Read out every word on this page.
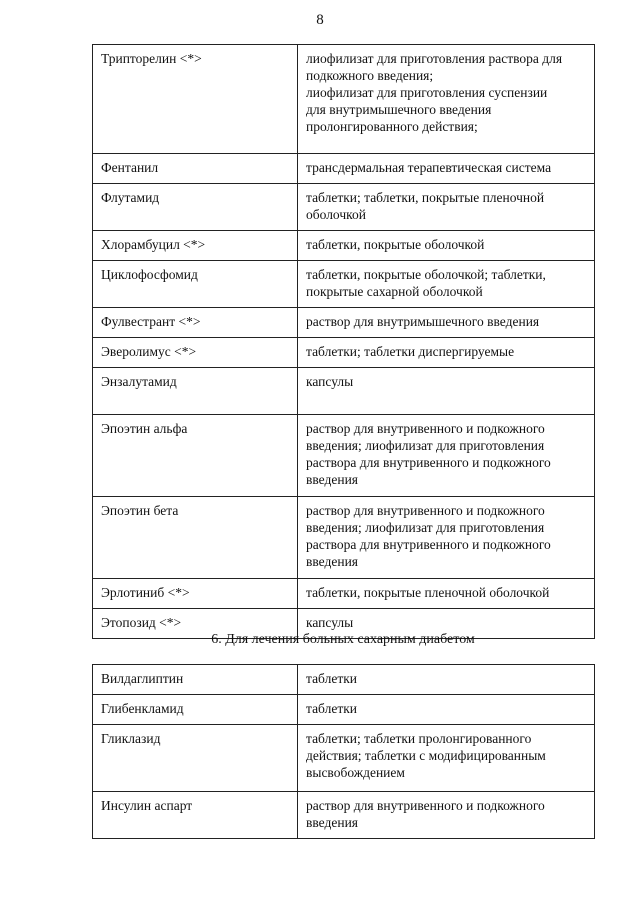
8
Трипторелин <*>	лиофилизат для приготовления раствора для
подкожного введения;
лиофилизат для приготовления суспензии
для внутримышечного введения
пролонгированного действия;

Фентанил	трансдермальная терапевтическая система

Флутамид	таблетки; таблетки, покрытые пленочной
оболочкой

Хлорамбуцил <*>	таблетки, покрытые оболочкой

Циклофосфомид	таблетки, покрытые оболочкой; таблетки,
покрытые сахарной оболочкой

Фулвестрант <*>	раствор для внутримышечного введения

Эверолимус <*>	таблетки; таблетки диспергируемые

Энзалутамид	капсулы

Эпоэтин альфа	раствор для внутривенного и подкожного
введения; лиофилизат для приготовления
раствора для внутривенного и подкожного
введения

Эпоэтин бета	раствор для внутривенного и подкожного
введения; лиофилизат для приготовления
раствора для внутривенного и подкожного
введения

Эрлотиниб <*>	таблетки, покрытые пленочной оболочкой

Этопозид <*>	капсулы
6. Для лечения больных сахарным диабетом
Вилдаглиптин	таблетки

Глибенкламид	таблетки

Гликлазид	таблетки; таблетки пролонгированного
действия; таблетки с модифицированным
высвобождением

Инсулин аспарт	раствор для внутривенного и подкожного
введения
